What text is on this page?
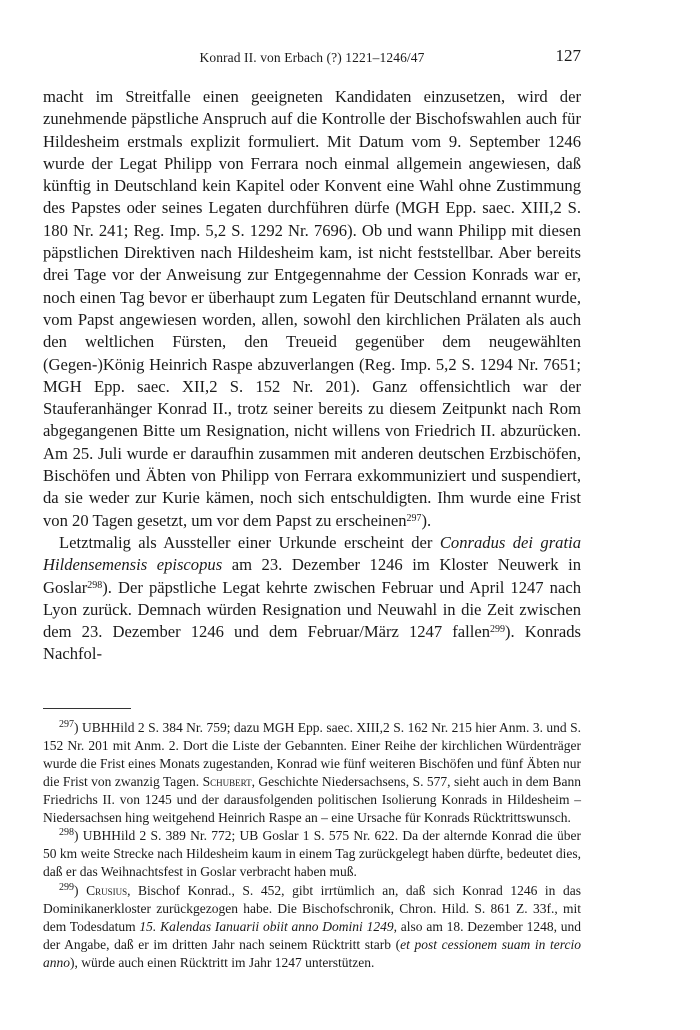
Konrad II. von Erbach (?) 1221–1246/47	127

macht im Streitfalle einen geeigneten Kandidaten einzusetzen, wird der zunehmende päpstliche Anspruch auf die Kontrolle der Bischofswahlen auch für Hildesheim erstmals explizit formuliert. Mit Datum vom 9. September 1246 wurde der Legat Philipp von Ferrara noch einmal allgemein angewiesen, daß künftig in Deutschland kein Kapitel oder Konvent eine Wahl ohne Zustimmung des Papstes oder seines Legaten durchführen dürfe (MGH Epp. saec. XIII,2 S. 180 Nr. 241; Reg. Imp. 5,2 S. 1292 Nr. 7696). Ob und wann Philipp mit diesen päpstlichen Direktiven nach Hildesheim kam, ist nicht feststellbar. Aber bereits drei Tage vor der Anweisung zur Entgegennahme der Cession Konrads war er, noch einen Tag bevor er überhaupt zum Legaten für Deutschland ernannt wurde, vom Papst angewiesen worden, allen, sowohl den kirchlichen Prälaten als auch den weltlichen Fürsten, den Treueid gegenüber dem neugewählten (Gegen-)König Heinrich Raspe abzuverlangen (Reg. Imp. 5,2 S. 1294 Nr. 7651; MGH Epp. saec. XII,2 S. 152 Nr. 201). Ganz offensichtlich war der Stauferanhänger Konrad II., trotz seiner bereits zu diesem Zeitpunkt nach Rom abgegangenen Bitte um Resignation, nicht willens von Friedrich II. abzurücken. Am 25. Juli wurde er daraufhin zusammen mit anderen deutschen Erzbischöfen, Bischöfen und Äbten von Philipp von Ferrara exkommuniziert und suspendiert, da sie weder zur Kurie kämen, noch sich entschuldigten. Ihm wurde eine Frist von 20 Tagen gesetzt, um vor dem Papst zu erscheinen$^{297}$).

Letztmalig als Aussteller einer Urkunde erscheint der Conradus dei gratia Hildensemensis episcopus am 23. Dezember 1246 im Kloster Neuwerk in Goslar$^{298}$). Der päpstliche Legat kehrte zwischen Februar und April 1247 nach Lyon zurück. Demnach würden Resignation und Neuwahl in die Zeit zwischen dem 23. Dezember 1246 und dem Februar/März 1247 fallen$^{299}$). Konrads Nachfol-

$^{297}$) UBHHild 2 S. 384 Nr. 759; dazu MGH Epp. saec. XIII,2 S. 162 Nr. 215 hier Anm. 3. und S. 152 Nr. 201 mit Anm. 2. Dort die Liste der Gebannten. Einer Reihe der kirchlichen Würdenträger wurde die Frist eines Monats zugestanden, Konrad wie fünf weiteren Bischöfen und fünf Äbten nur die Frist von zwanzig Tagen. Schubert, Geschichte Niedersachsens, S. 577, sieht auch in dem Bann Friedrichs II. von 1245 und der darausfolgenden politischen Isolierung Konrads in Hildesheim – Niedersachsen hing weitgehend Heinrich Raspe an – eine Ursache für Konrads Rücktrittswunsch.

$^{298}$) UBHHild 2 S. 389 Nr. 772; UB Goslar 1 S. 575 Nr. 622. Da der alternde Konrad die über 50 km weite Strecke nach Hildesheim kaum in einem Tag zurückgelegt haben dürfte, bedeutet dies, daß er das Weihnachtsfest in Goslar verbracht haben muß.

$^{299}$) Crusius, Bischof Konrad., S. 452, gibt irrtümlich an, daß sich Konrad 1246 in das Dominikanerkloster zurückgezogen habe. Die Bischofschronik, Chron. Hild. S. 861 Z. 33f., mit dem Todesdatum 15. Kalendas Ianuarii obiit anno Domini 1249, also am 18. Dezember 1248, und der Angabe, daß er im dritten Jahr nach seinem Rücktritt starb (et post cessionem suam in tercio anno), würde auch einen Rücktritt im Jahr 1247 unterstützen.
